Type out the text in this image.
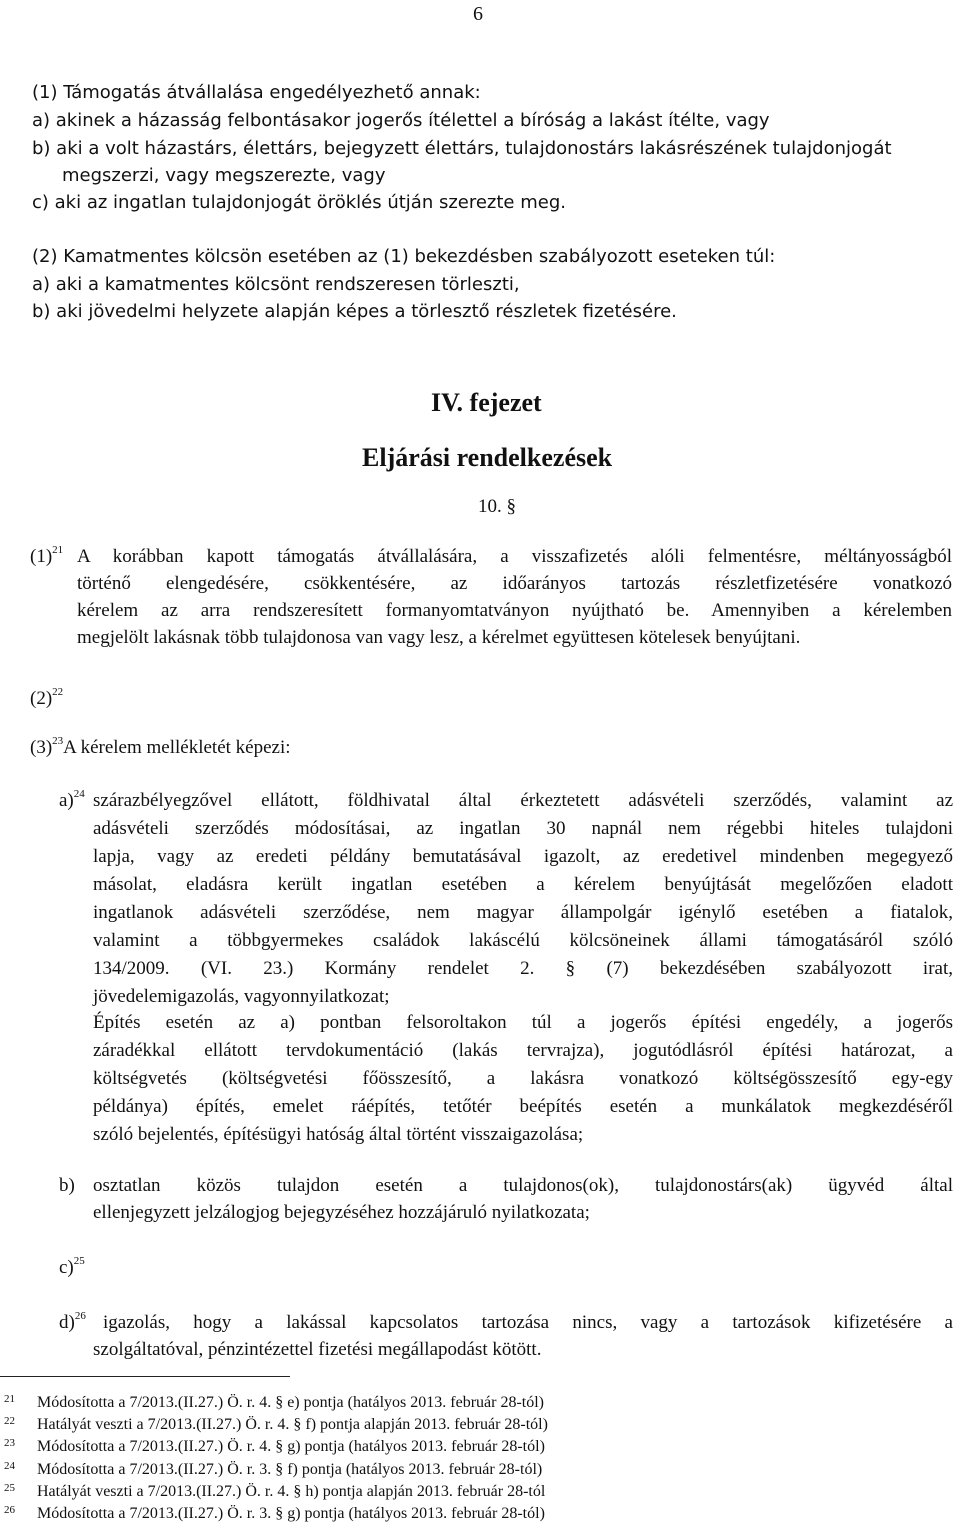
6
(1) Támogatás átvállalása engedélyezhető annak:
a) akinek a házasság felbontásakor jogerős ítélettel a bíróság a lakást ítélte, vagy
b) aki a volt házastárs, élettárs, bejegyzett élettárs, tulajdonostárs lakásrészének tulajdonjogát
megszerzi, vagy megszerezte, vagy
c) aki az ingatlan tulajdonjogát öröklés útján szerezte meg.
(2) Kamatmentes kölcsön esetében az (1) bekezdésben szabályozott eseteken túl:
a) aki a kamatmentes kölcsönt rendszeresen törleszti,
b) aki jövedelmi helyzete alapján képes a törlesztő részletek fizetésére.
IV. fejezet
Eljárási rendelkezések
10. §
$(1)^{21}$ A korábban kapott támogatás átvállalására, a visszafizetés alóli felmentésre, méltányosságból
történő elengedésére, csökkentésére, az időarányos tartozás részletfizetésére vonatkozó
kérelem az arra rendszeresített formanyomtatványon nyújtható be. Amennyiben a kérelemben
megjelölt lakásnak több tulajdonosa van vagy lesz, a kérelmet együttesen kötelesek benyújtani.
$(2)^{22}$
$(3)^{23}A$ kérelem mellékletét képezi:
a)$^{24}$ szárazbélyegzővel ellátott, földhivatal által érkeztetett adásvételi szerződés, valamint az
adásvételi szerződés módosításai, az ingatlan 30 napnál nem régebbi hiteles tulajdoni
lapja, vagy az eredeti példány bemutatásával igazolt, az eredetivel mindenben megegyező
másolat, eladásra került ingatlan esetében a kérelem benyújtását megelőzően eladott
ingatlanok adásvételi szerződése, nem magyar állampolgár igénylő esetében a fiatalok,
valamint a többgyermekes családok lakáscélú kölcsöneinek állami támogatásáról szóló
134/2009. (VI. 23.) Kormány rendelet 2. § (7) bekezdésében szabályozott irat,
jövedelemigazolás, vagyonnyilatkozat;
Építés esetén az a) pontban felsoroltakon túl a jogerős építési engedély, a jogerős
záradékkal ellátott tervdokumentáció (lakás tervrajza), jogutódlásról építési határozat, a
költségvetés (költségvetési főösszesítő, a lakásra vonatkozó költségösszesítő egy-egy
példánya) építés, emelet ráépítés, tetőtér beépítés esetén a munkálatok megkezdéséről
szóló bejelentés, építésügyi hatóság által történt visszaigazolása;
b) osztatlan közös tulajdon esetén a tulajdonos(ok), tulajdonostárs(ak) ügyvéd által
ellenjegyzett jelzálogjog bejegyzéséhez hozzájáruló nyilatkozata;
c)$^{25}$
d)$^{26}$ igazolás, hogy a lakással kapcsolatos tartozása nincs, vagy a tartozások kifizetésére a
szolgáltatóval, pénzintézettel fizetési megállapodást kötött.
21 Módosította a 7/2013.(II.27.) Ö. r. 4. § e) pontja (hatályos 2013. február 28-tól)
22 Hatályát veszti a 7/2013.(II.27.) Ö. r. 4. § f) pontja alapján 2013. február 28-tól)
23 Módosította a 7/2013.(II.27.) Ö. r. 4. § g) pontja (hatályos 2013. február 28-tól)
24 Módosította a 7/2013.(II.27.) Ö. r. 3. § f) pontja (hatályos 2013. február 28-tól)
25 Hatályát veszti a 7/2013.(II.27.) Ö. r. 4. § h) pontja alapján 2013. február 28-tól
26 Módosította a 7/2013.(II.27.) Ö. r. 3. § g) pontja (hatályos 2013. február 28-tól)
